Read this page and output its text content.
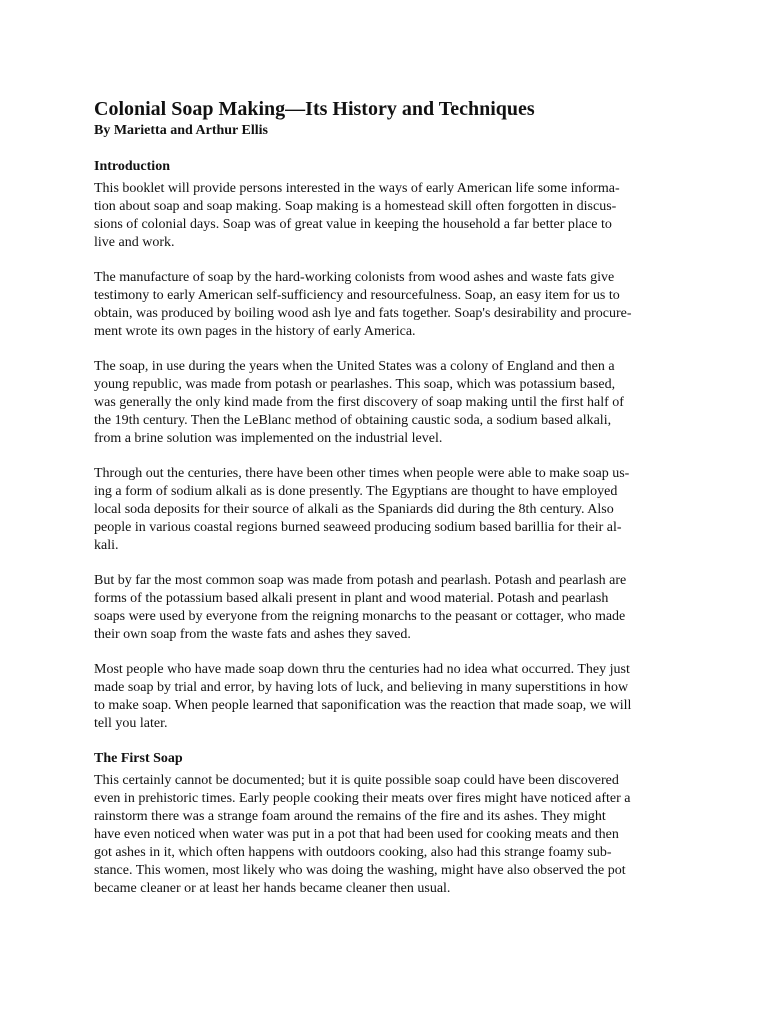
Colonial Soap Making—Its History and Techniques
By Marietta and Arthur Ellis
Introduction

This booklet will provide persons interested in the ways of early American life some informa-
tion about soap and soap making. Soap making is a homestead skill often forgotten in discus-
sions of colonial days. Soap was of great value in keeping the household a far better place to
live and work.

The manufacture of soap by the hard-working colonists from wood ashes and waste fats give
testimony to early American self-sufficiency and resourcefulness. Soap, an easy item for us to
obtain, was produced by boiling wood ash lye and fats together. Soap's desirability and procure-
ment wrote its own pages in the history of early America.

The soap, in use during the years when the United States was a colony of England and then a
young republic, was made from potash or pearlashes. This soap, which was potassium based,
was generally the only kind made from the first discovery of soap making until the first half of
the 19th century. Then the LeBlanc method of obtaining caustic soda, a sodium based alkali,
from a brine solution was implemented on the industrial level.

Through out the centuries, there have been other times when people were able to make soap us-
ing a form of sodium alkali as is done presently. The Egyptians are thought to have employed
local soda deposits for their source of alkali as the Spaniards did during the 8th century. Also
people in various coastal regions burned seaweed producing sodium based barillia for their al-
kali.

But by far the most common soap was made from potash and pearlash. Potash and pearlash are
forms of the potassium based alkali present in plant and wood material. Potash and pearlash
soaps were used by everyone from the reigning monarchs to the peasant or cottager, who made
their own soap from the waste fats and ashes they saved.

Most people who have made soap down thru the centuries had no idea what occurred. They just
made soap by trial and error, by having lots of luck, and believing in many superstitions in how
to make soap. When people learned that saponification was the reaction that made soap, we will
tell you later.

The First Soap

This certainly cannot be documented; but it is quite possible soap could have been discovered
even in prehistoric times. Early people cooking their meats over fires might have noticed after a
rainstorm there was a strange foam around the remains of the fire and its ashes. They might
have even noticed when water was put in a pot that had been used for cooking meats and then
got ashes in it, which often happens with outdoors cooking, also had this strange foamy sub-
stance. This women, most likely who was doing the washing, might have also observed the pot
became cleaner or at least her hands became cleaner then usual.
